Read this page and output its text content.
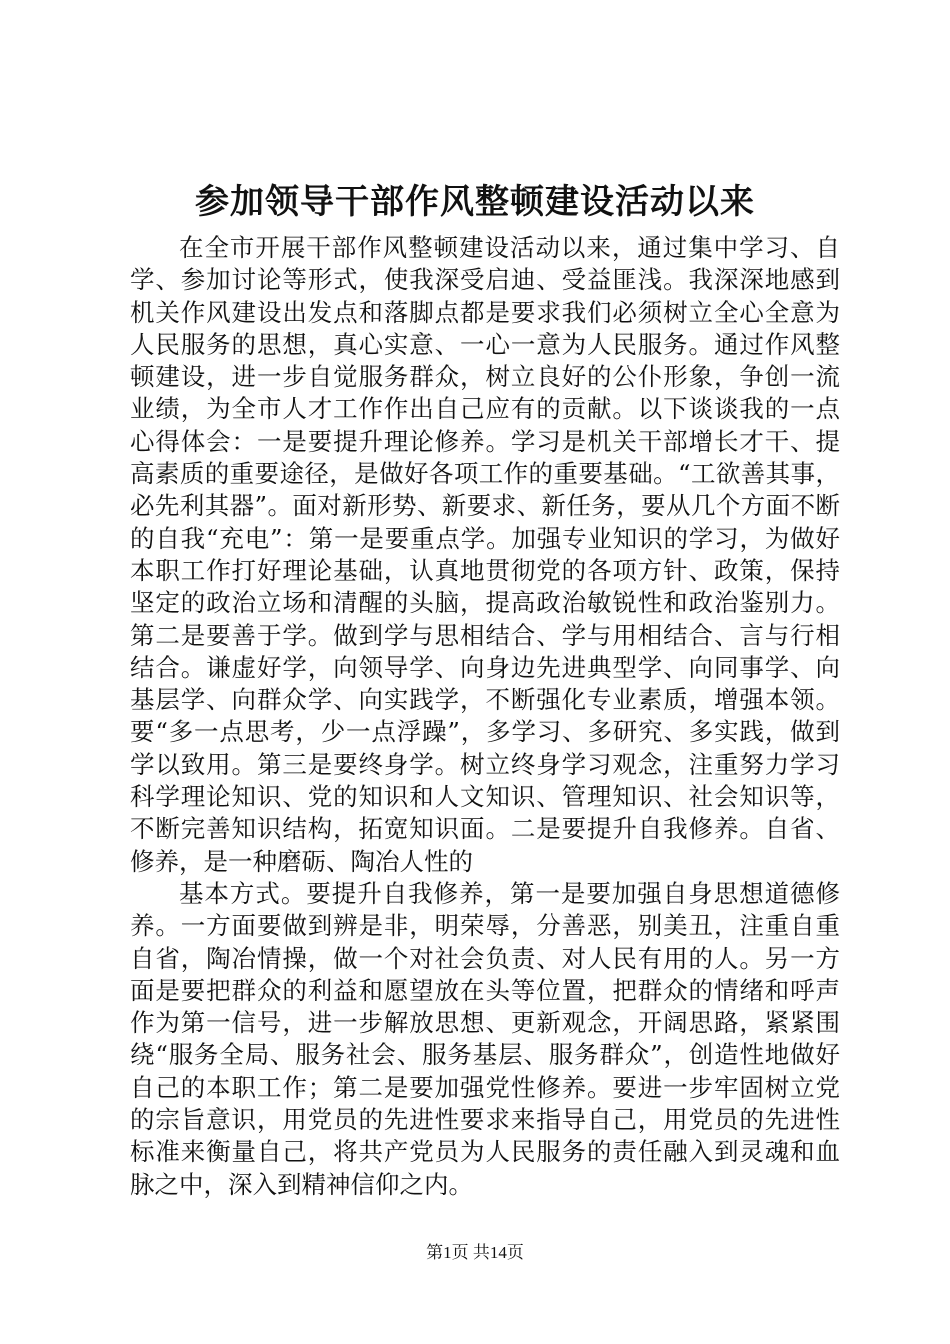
参加领导干部作风整顿建设活动以来

在全市开展干部作风整顿建设活动以来，通过集中学习、自学、参加讨论等形式，使我深受启迪、受益匪浅。我深深地感到机关作风建设出发点和落脚点都是要求我们必须树立全心全意为人民服务的思想，真心实意、一心一意为人民服务。通过作风整顿建设，进一步自觉服务群众，树立良好的公仆形象，争创一流业绩，为全市人才工作作出自己应有的贡献。以下谈谈我的一点心得体会：一是要提升理论修养。学习是机关干部增长才干、提高素质的重要途径，是做好各项工作的重要基础。“工欲善其事，必先利其器”。面对新形势、新要求、新任务，要从几个方面不断的自我“充电”：第一是要重点学。加强专业知识的学习，为做好本职工作打好理论基础，认真地贯彻党的各项方针、政策，保持坚定的政治立场和清醒的头脑，提高政治敏锐性和政治鉴别力。第二是要善于学。做到学与思相结合、学与用相结合、言与行相结合。谦虚好学，向领导学、向身边先进典型学、向同事学、向基层学、向群众学、向实践学，不断强化专业素质，增强本领。要“多一点思考，少一点浮躁”，多学习、多研究、多实践，做到学以致用。第三是要终身学。树立终身学习观念，注重努力学习科学理论知识、党的知识和人文知识、管理知识、社会知识等，不断完善知识结构，拓宽知识面。二是要提升自我修养。自省、修养，是一种磨砺、陶冶人性的

基本方式。要提升自我修养，第一是要加强自身思想道德修养。一方面要做到辨是非，明荣辱，分善恶，别美丑，注重自重自省，陶冶情操，做一个对社会负责、对人民有用的人。另一方面是要把群众的利益和愿望放在头等位置，把群众的情绪和呼声作为第一信号，进一步解放思想、更新观念，开阔思路，紧紧围绕“服务全局、服务社会、服务基层、服务群众”，创造性地做好自己的本职工作；第二是要加强党性修养。要进一步牢固树立党的宗旨意识，用党员的先进性要求来指导自己，用党员的先进性标准来衡量自己，将共产党员为人民服务的责任融入到灵魂和血脉之中，深入到精神信仰之内。

第1页 共14页
